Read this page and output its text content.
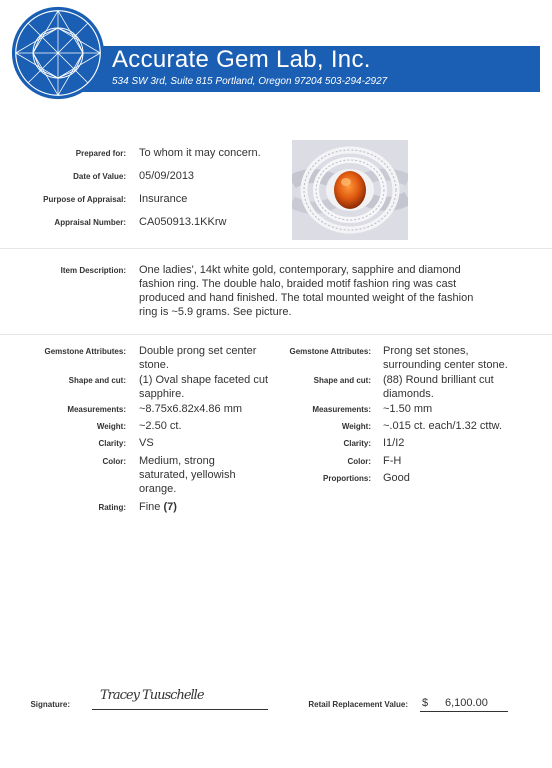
Accurate Gem Lab, Inc.
534 SW 3rd, Suite 815 Portland, Oregon 97204 503-294-2927
Prepared for: To whom it may concern.
Date of Value: 05/09/2013
Purpose of Appraisal: Insurance
Appraisal Number: CA050913.1KKrw
Item Description: One ladies', 14kt white gold, contemporary, sapphire and diamond fashion ring. The double halo, braided motif fashion ring was cast produced and hand finished. The total mounted weight of the fashion ring is ~5.9 grams. See picture.
Gemstone Attributes: Double prong set center stone.
Shape and cut: (1) Oval shape faceted cut sapphire.
Measurements: ~8.75x6.82x4.86 mm
Weight: ~2.50 ct.
Clarity: VS
Color: Medium, strong saturated, yellowish orange.
Rating: Fine (7)
Gemstone Attributes: Prong set stones, surrounding center stone.
Shape and cut: (88) Round brilliant cut diamonds.
Measurements: ~1.50 mm
Weight: ~.015 ct. each/1.32 cttw.
Clarity: I1/I2
Color: F-H
Proportions: Good
Signature:
Tracey Tuuschelle
Retail Replacement Value: $	6,100.00
